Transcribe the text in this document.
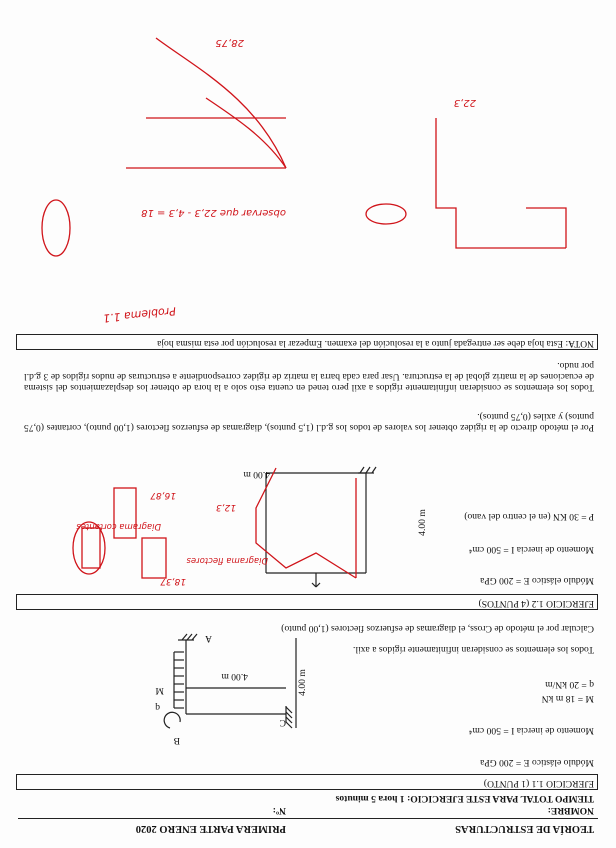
TEORÍA DE ESTRUCTURAS
PRIMERA PARTE ENERO 2020
NOMBRE:
Nº:
TIEMPO TOTAL PARA ESTE EJERCICIO: 1 hora 5 minutos
EJERCICIO 1.1 (1 PUNTO)
Módulo elástico E = 200 GPa
Momento de inercia I = 500 cm⁴
M = 18 m kN
q = 20 kN/m
Todos los elementos se consideran infinitamente rígidos a axil.
Calcular por el método de Cross, el diagramas de esfuerzos flectores (1,00 punto)
B
C
A
q
M
4.00 m	4.00 m
EJERCICIO 1.2 (4 PUNTOS)
Módulo elástico E = 200 GPa
Momento de inercia I = 500 cm⁴
P = 30 KN (en el centro del vano)
4.00 m
4.00 m
Diagrama flectores
Diagrama cortantes
18,37
16,87
12,3
Por el método directo de la rigidez obtener los valores de todos los g.d.l (1,5 puntos), diagramas de esfuerzos flectores (1,00 punto), cortantes (0,75 puntos) y axiles (0,75 puntos).
Todos los elementos se consideran infinitamente rígidos a axil pero tened en cuenta esto solo a la hora de obtener los desplazamientos del sistema de ecuaciones de la matriz global de la estructura. Usar para cada barra la matriz de rigidez correspondiente a estructuras de nudos rígidos de 3 g.d.l por nudo.
NOTA: Esta hoja debe ser entregada junto a la resolución del examen. Empezar la resolución por esta misma hoja
Problema 1.1
28,75
observar que 22,3 - 4,3 = 18
22,3
